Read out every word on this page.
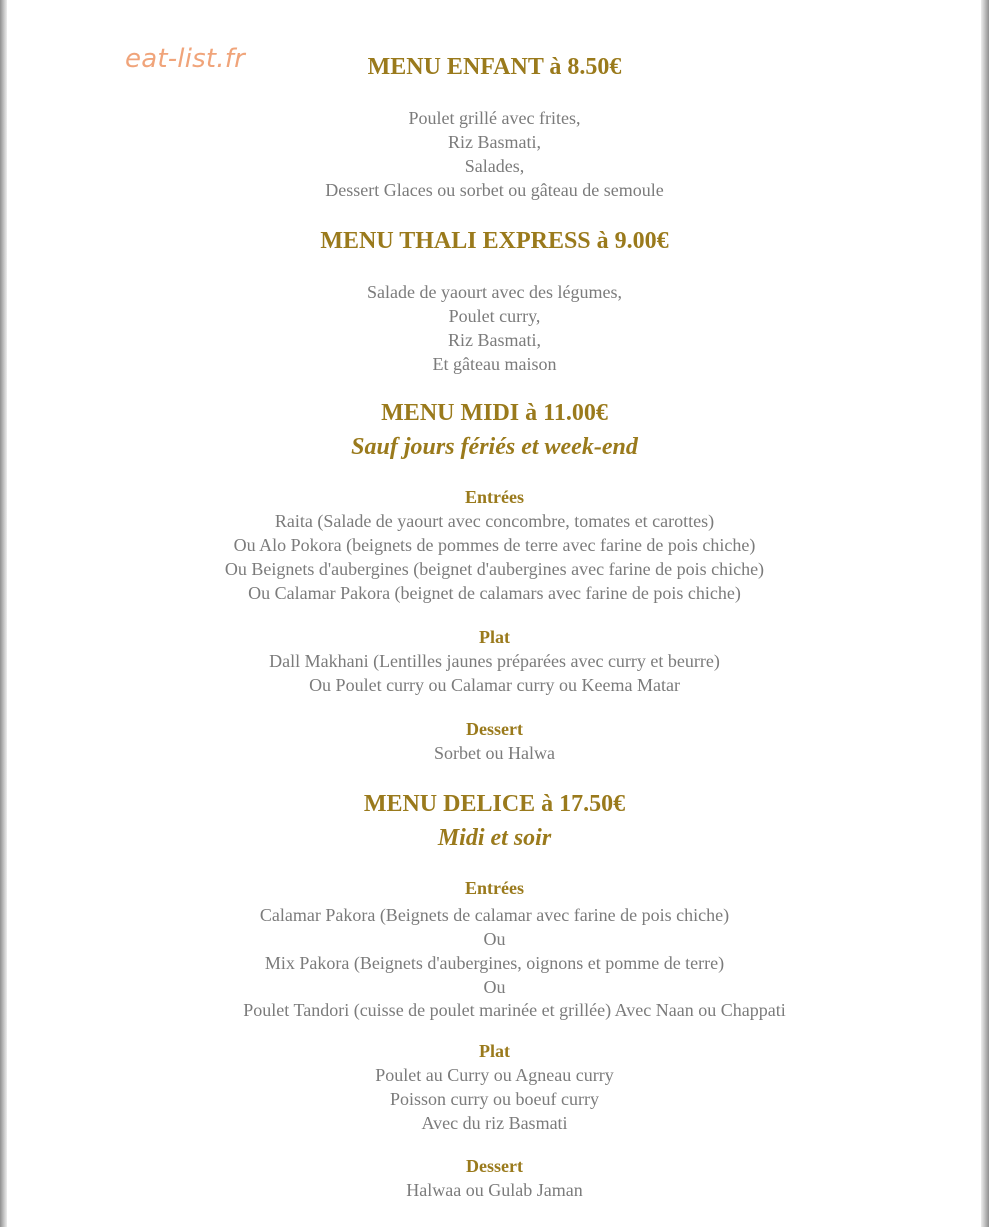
eat-list.fr	MENU ENFANT à 8.50€
Poulet grillé avec frites,
Riz Basmati,
Salades,
Dessert Glaces ou sorbet ou gâteau de semoule
MENU THALI EXPRESS à 9.00€
Salade de yaourt avec des légumes,
Poulet curry,
Riz Basmati,
Et gâteau maison
MENU MIDI à 11.00€
Sauf jours fériés et week-end
Entrées
Raita (Salade de yaourt avec concombre, tomates et carottes)
Ou Alo Pokora (beignets de pommes de terre avec farine de pois chiche)
Ou Beignets d'aubergines (beignet d'aubergines avec farine de pois chiche)
Ou Calamar Pakora (beignet de calamars avec farine de pois chiche)
Plat
Dall Makhani (Lentilles jaunes préparées avec curry et beurre)
Ou Poulet curry ou Calamar curry ou Keema Matar
Dessert
Sorbet ou Halwa
MENU DELICE à 17.50€
Midi et soir
Entrées
Calamar Pakora (Beignets de calamar avec farine de pois chiche)
Ou
Mix Pakora (Beignets d'aubergines, oignons et pomme de terre)
Ou
Poulet Tandori (cuisse de poulet marinée et grillée) Avec Naan ou Chappati
Plat
Poulet au Curry ou Agneau curry
Poisson curry ou boeuf curry
Avec du riz Basmati
Dessert
Halwaa ou Gulab Jaman
